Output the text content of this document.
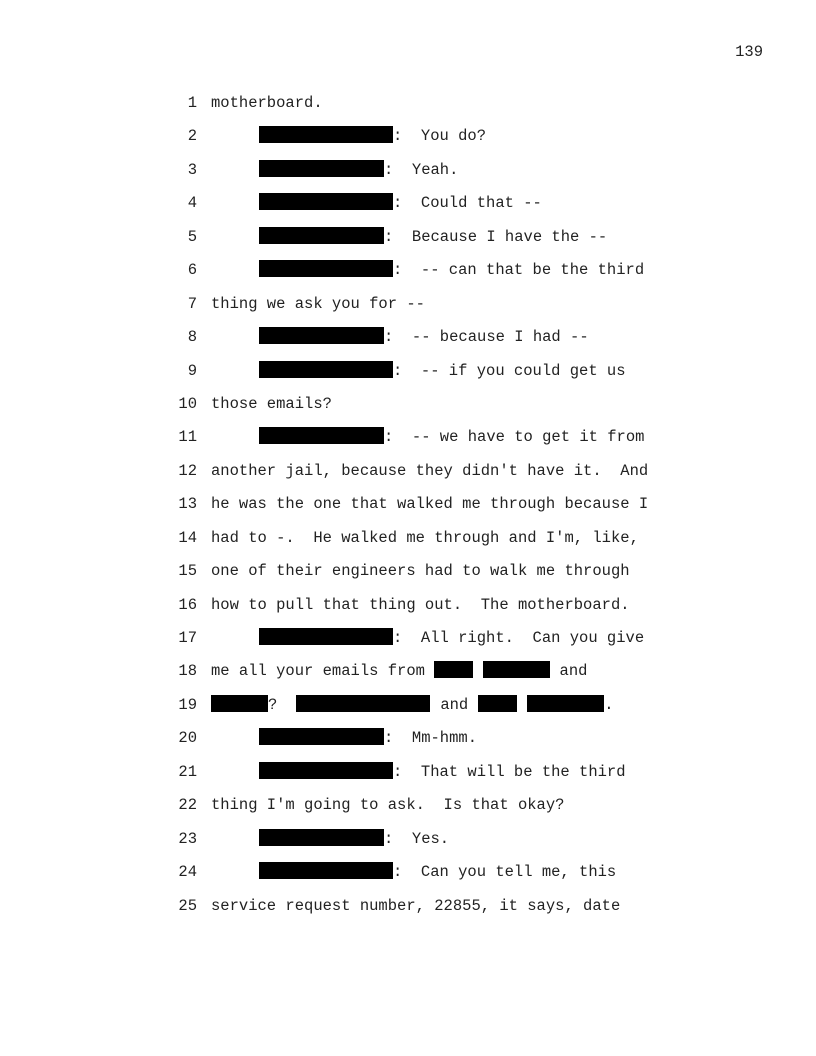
139

1

motherboard.

2

	:  You do?

3

	:  Yeah.

4

	:  Could that --

5

	:  Because I have the --

6

	:  -- can that be the third

7

thing we ask you for --

8

	:  -- because I had --

9

	:  -- if you could get us

10

those emails?

11

	:  -- we have to get it from

12

another jail, because they didn't have it.  And

13

he was the one that walked me through because I

14

had to -.  He walked me through and I'm, like,

15

one of their engineers had to walk me through

16

how to pull that thing out.  The motherboard.

17

	:  All right.  Can you give

18

me all your emails from	and

19

	?	and	.

20

	:  Mm-hmm.

21

	:  That will be the third

22

thing I'm going to ask.  Is that okay?

23

	:  Yes.

24

	:  Can you tell me, this

25

service request number, 22855, it says, date
